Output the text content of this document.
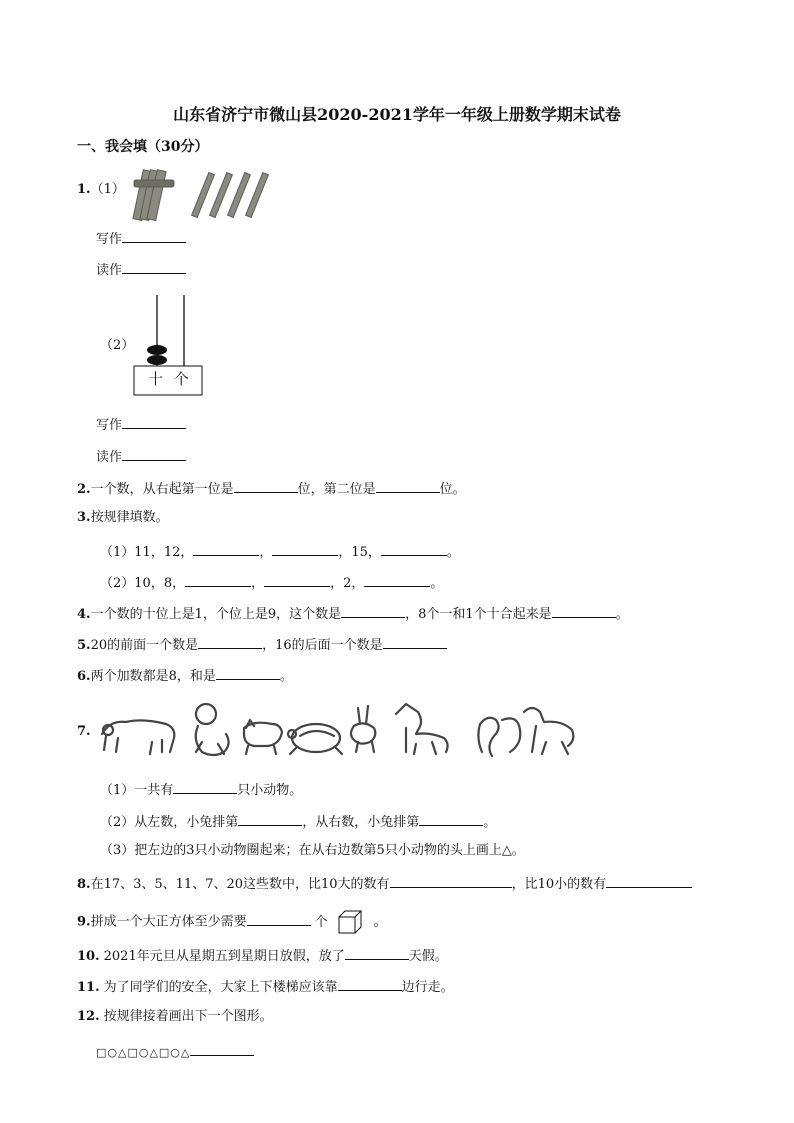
山东省济宁市微山县2020-2021学年一年级上册数学期末试卷
一、我会填（30分）
1.（1）
写作
读作
（2）
十 个
写作
读作
2.一个数，从右起第一位是	位，第二位是	位。
3.按规律填数。
（1）11，12，	，	，15，	。
（2）10，8，	，	，2，	。
4.一个数的十位上是1，个位上是9，这个数是	，8个一和1个十合起来是	。
5.20的前面一个数是	，16的后面一个数是
6.两个加数都是8，和是	。
7.
（1）一共有	只小动物。
（2）从左数，小兔排第	，从右数，小兔排第	。
（3）把左边的3只小动物圈起来；在从右边数第5只小动物的头上画上△。
8.在17、3、5、11、7、20这些数中，比10大的数有	，比10小的数有
9.拼成一个大正方体至少需要	个	。
10. 2021年元旦从星期五到星期日放假，放了	天假。
11. 为了同学们的安全，大家上下楼梯应该靠	边行走。
12. 按规律接着画出下一个图形。
□○△□○△□○△
